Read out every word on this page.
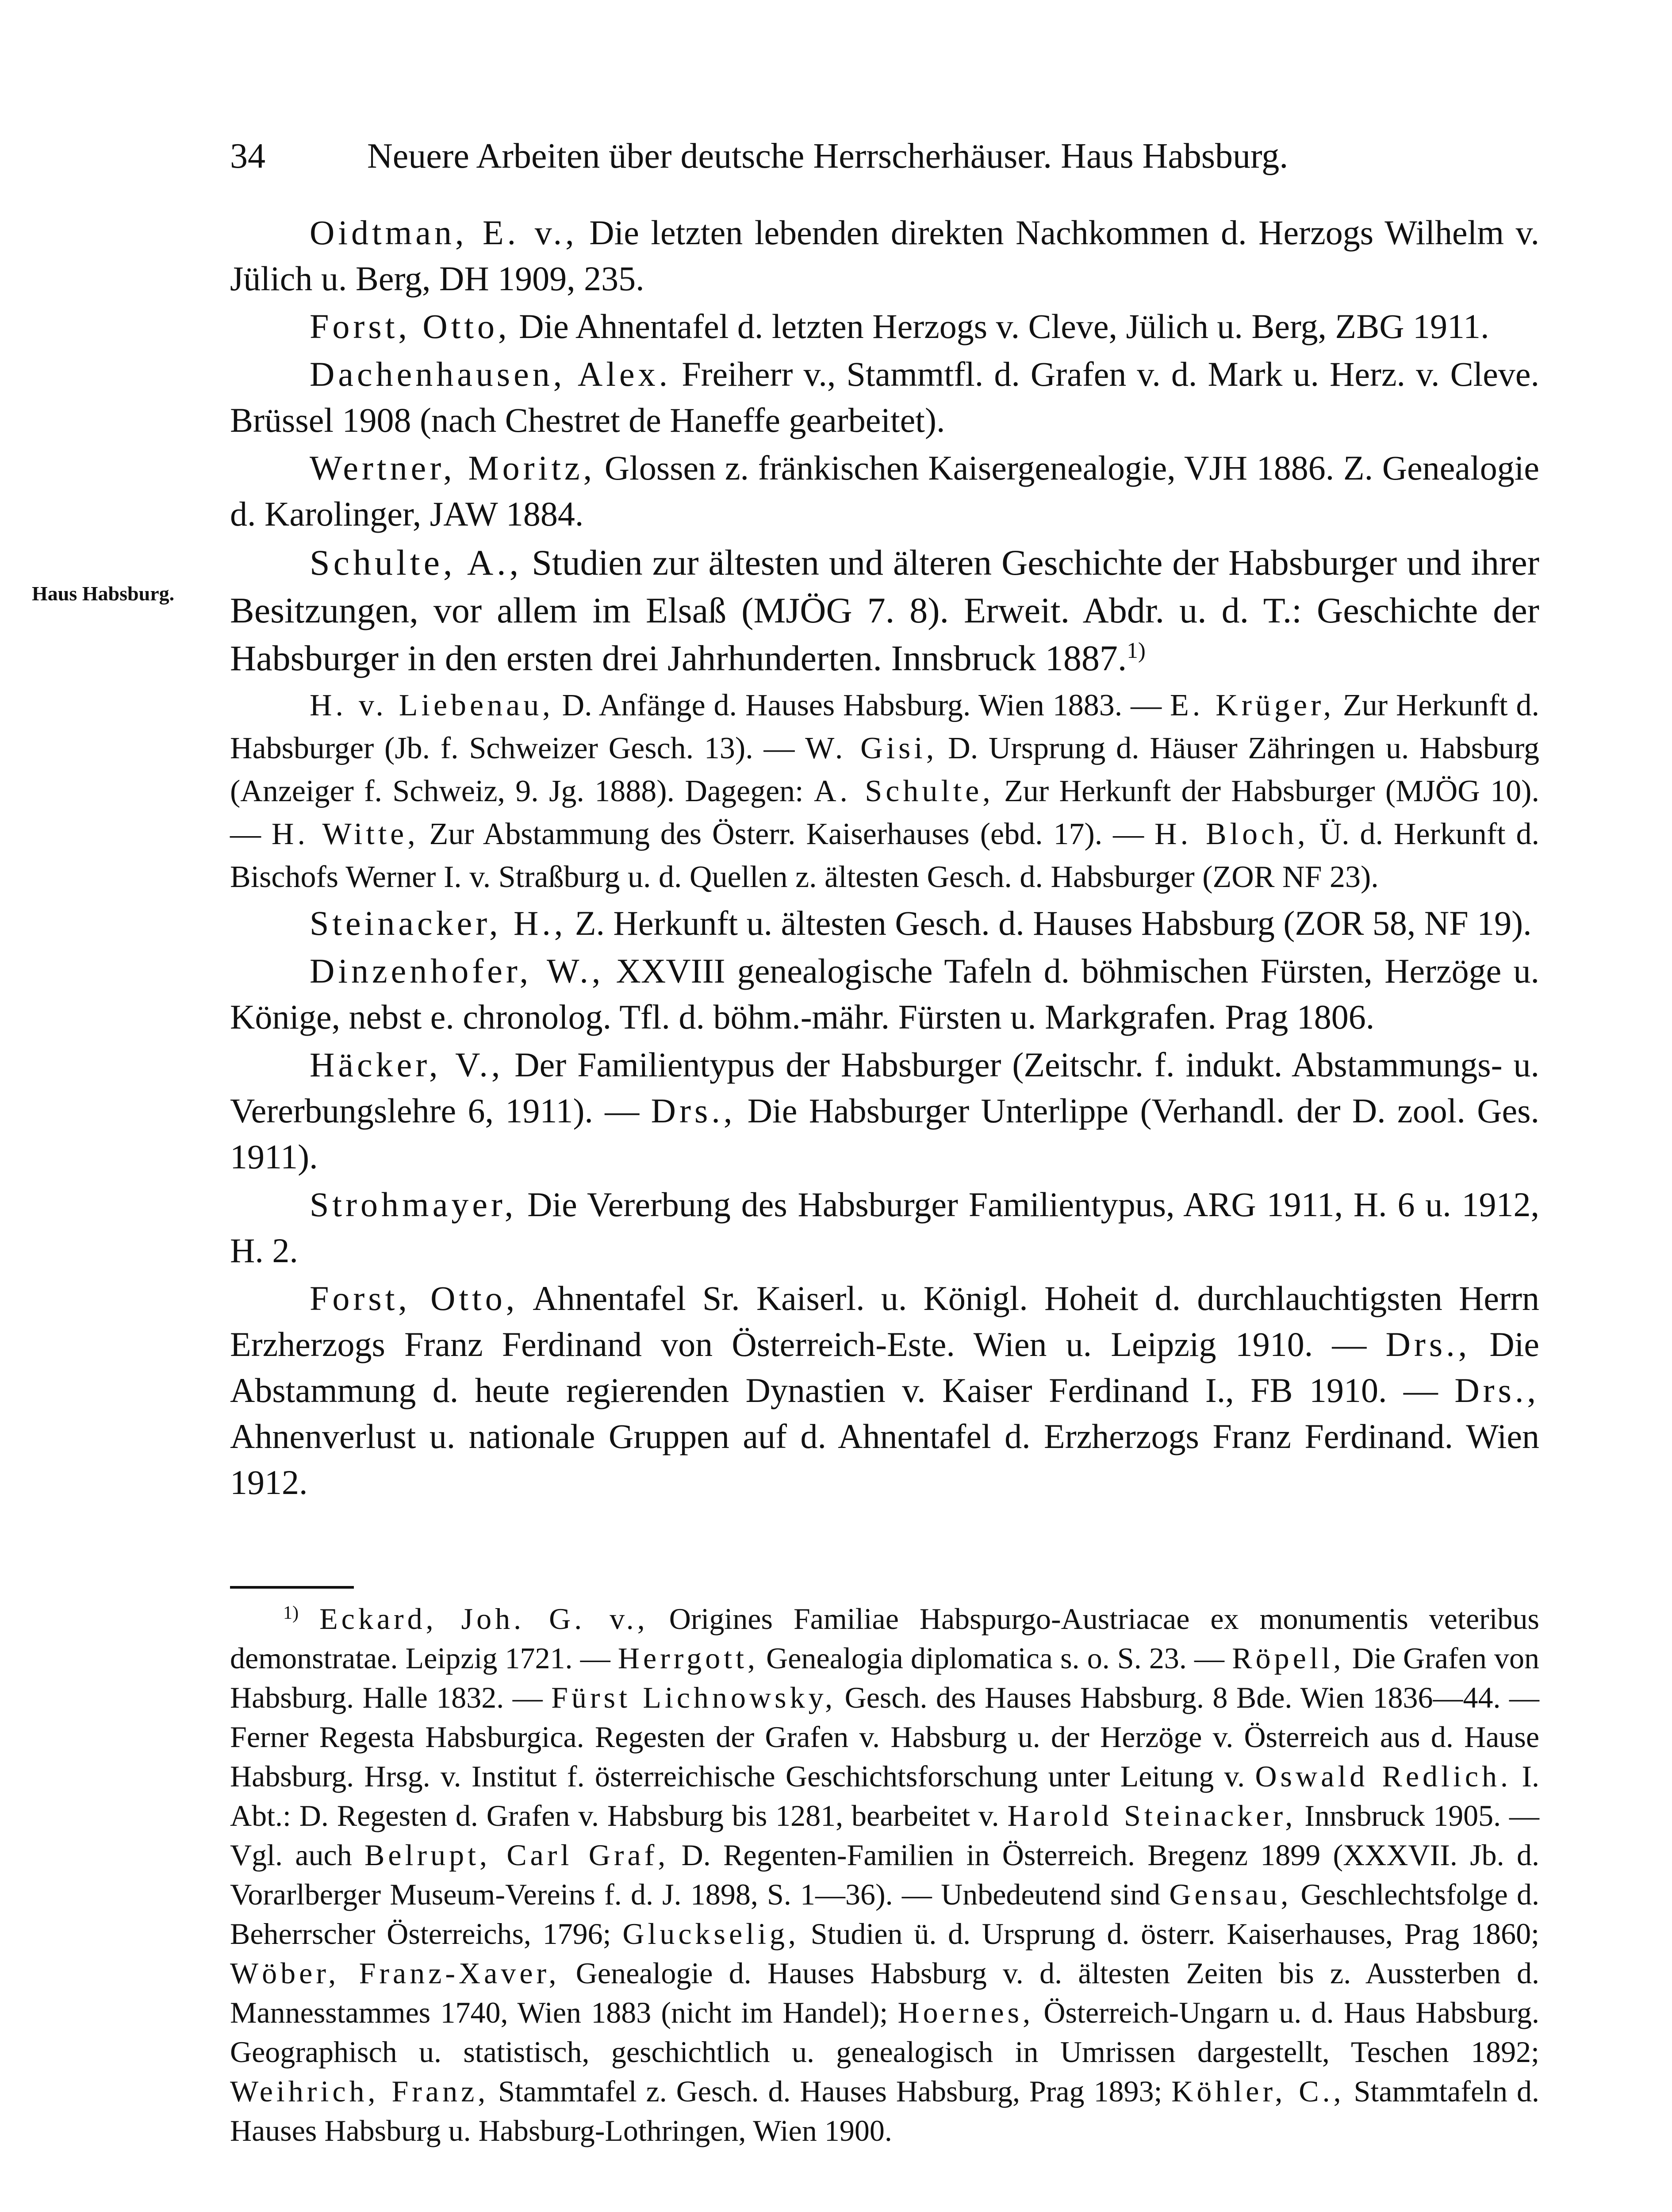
34	Neuere Arbeiten über deutsche Herrscherhäuser. Haus Habsburg.
Haus Habsburg.

Oidtman, E. v., Die letzten lebenden direkten Nachkommen d. Herzogs Wilhelm v. Jülich u. Berg, DH 1909, 235.

Forst, Otto, Die Ahnentafel d. letzten Herzogs v. Cleve, Jülich u. Berg, ZBG 1911.

Dachenhausen, Alex. Freiherr v., Stammtfl. d. Grafen v. d. Mark u. Herz. v. Cleve. Brüssel 1908 (nach Chestret de Haneffe gearbeitet).

Wertner, Moritz, Glossen z. fränkischen Kaisergenealogie, VJH 1886. Z. Genealogie d. Karolinger, JAW 1884.

Schulte, A., Studien zur ältesten und älteren Geschichte der Habsburger und ihrer Besitzungen, vor allem im Elsaß (MJÖG 7. 8). Erweit. Abdr. u. d. T.: Geschichte der Habsburger in den ersten drei Jahrhunderten. Innsbruck 1887.$^{1)}$

H. v. Liebenau, D. Anfänge d. Hauses Habsburg. Wien 1883. — E. Krüger, Zur Herkunft d. Habsburger (Jb. f. Schweizer Gesch. 13). — W. Gisi, D. Ursprung d. Häuser Zähringen u. Habsburg (Anzeiger f. Schweiz, 9. Jg. 1888). Dagegen: A. Schulte, Zur Herkunft der Habsburger (MJÖG 10). — H. Witte, Zur Abstammung des Österr. Kaiserhauses (ebd. 17). — H. Bloch, Ü. d. Herkunft d. Bischofs Werner I. v. Straßburg u. d. Quellen z. ältesten Gesch. d. Habsburger (ZOR NF 23).

Steinacker, H., Z. Herkunft u. ältesten Gesch. d. Hauses Habsburg (ZOR 58, NF 19).

Dinzenhofer, W., XXVIII genealogische Tafeln d. böhmischen Fürsten, Herzöge u. Könige, nebst e. chronolog. Tfl. d. böhm.-mähr. Fürsten u. Markgrafen. Prag 1806.

Häcker, V., Der Familientypus der Habsburger (Zeitschr. f. indukt. Abstammungs- u. Vererbungslehre 6, 1911). — Drs., Die Habsburger Unterlippe (Verhandl. der D. zool. Ges. 1911).

Strohmayer, Die Vererbung des Habsburger Familientypus, ARG 1911, H. 6 u. 1912, H. 2.

Forst, Otto, Ahnentafel Sr. Kaiserl. u. Königl. Hoheit d. durchlauchtigsten Herrn Erzherzogs Franz Ferdinand von Österreich-Este. Wien u. Leipzig 1910. — Drs., Die Abstammung d. heute regierenden Dynastien v. Kaiser Ferdinand I., FB 1910. — Drs., Ahnenverlust u. nationale Gruppen auf d. Ahnentafel d. Erzherzogs Franz Ferdinand. Wien 1912.

$^{1)}$ Eckard, Joh. G. v., Origines Familiae Habspurgo-Austriacae ex monumentis veteribus demonstratae. Leipzig 1721. — Herrgott, Genealogia diplomatica s. o. S. 23. — Röpell, Die Grafen von Habsburg. Halle 1832. — Fürst Lichnowsky, Gesch. des Hauses Habsburg. 8 Bde. Wien 1836—44. — Ferner Regesta Habsburgica. Regesten der Grafen v. Habsburg u. der Herzöge v. Österreich aus d. Hause Habsburg. Hrsg. v. Institut f. österreichische Geschichtsforschung unter Leitung v. Oswald Redlich. I. Abt.: D. Regesten d. Grafen v. Habsburg bis 1281, bearbeitet v. Harold Steinacker, Innsbruck 1905. — Vgl. auch Belrupt, Carl Graf, D. Regenten-Familien in Österreich. Bregenz 1899 (XXXVII. Jb. d. Vorarlberger Museum-Vereins f. d. J. 1898, S. 1—36). — Unbedeutend sind Gensau, Geschlechtsfolge d. Beherrscher Österreichs, 1796; Gluckselig, Studien ü. d. Ursprung d. österr. Kaiserhauses, Prag 1860; Wöber, Franz-Xaver, Genealogie d. Hauses Habsburg v. d. ältesten Zeiten bis z. Aussterben d. Mannesstammes 1740, Wien 1883 (nicht im Handel); Hoernes, Österreich-Ungarn u. d. Haus Habsburg. Geographisch u. statistisch, geschichtlich u. genealogisch in Umrissen dargestellt, Teschen 1892; Weihrich, Franz, Stammtafel z. Gesch. d. Hauses Habsburg, Prag 1893; Köhler, C., Stammtafeln d. Hauses Habsburg u. Habsburg-Lothringen, Wien 1900.
